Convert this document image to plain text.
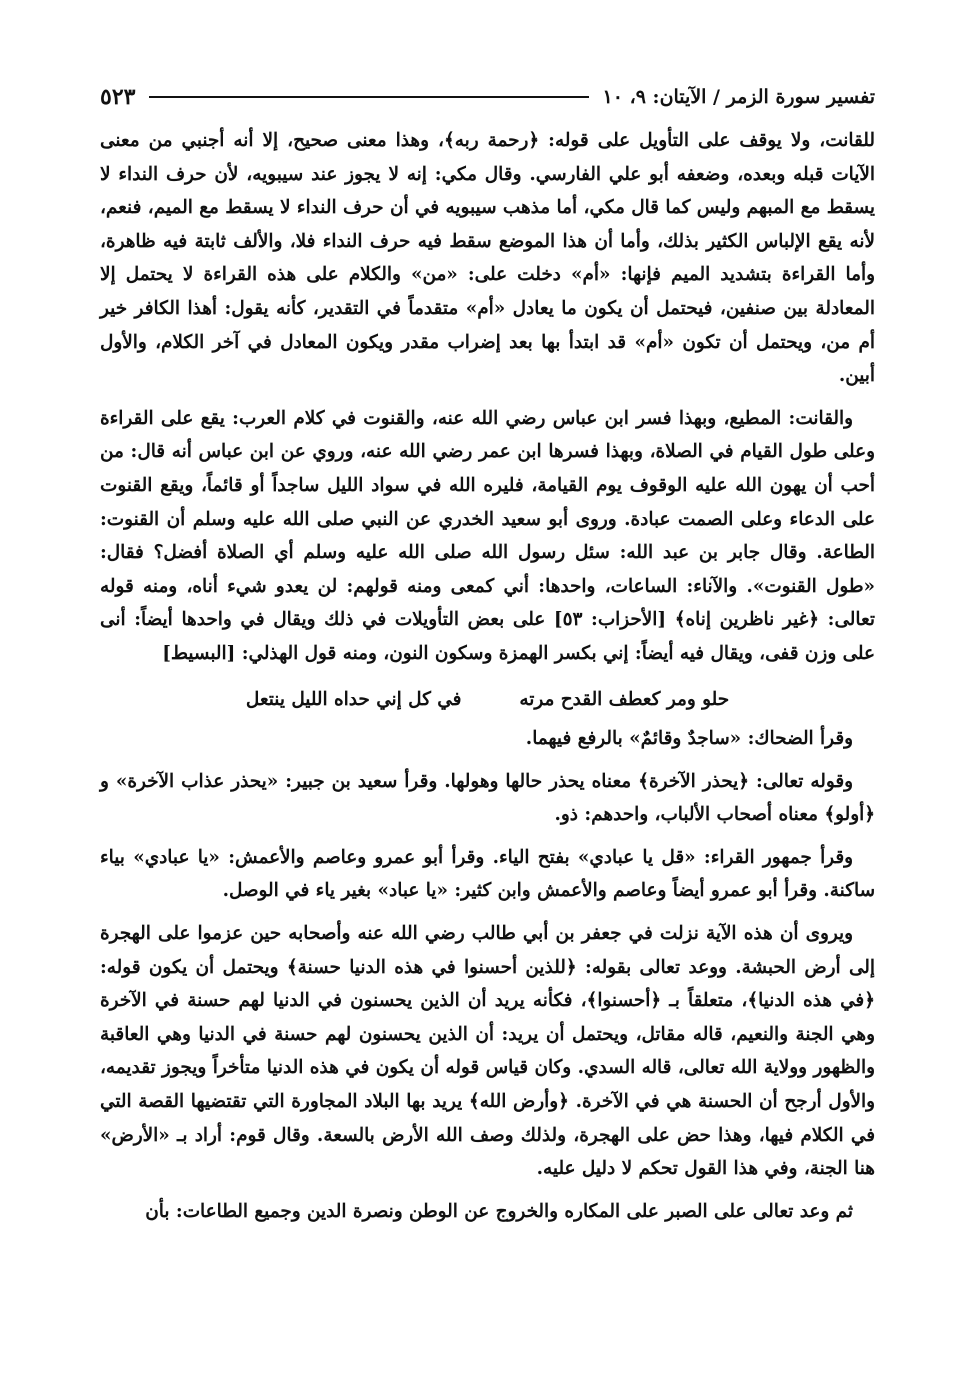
تفسير سورة الزمر / الآيتان: ٩، ١٠
٥٢٣

للقانت، ولا يوقف على التأويل على قوله: ﴿رحمة ربه﴾، وهذا معنى صحيح، إلا أنه أجنبي من معنى الآيات قبله وبعده، وضعفه أبو علي الفارسي. وقال مكي: إنه لا يجوز عند سيبويه، لأن حرف النداء لا يسقط مع المبهم وليس كما قال مكي، أما مذهب سيبويه في أن حرف النداء لا يسقط مع الميم، فنعم، لأنه يقع الإلباس الكثير بذلك، وأما أن هذا الموضع سقط فيه حرف النداء فلا، والألف ثابتة فيه ظاهرة، وأما القراءة بتشديد الميم فإنها: «أم» دخلت على: «من» والكلام على هذه القراءة لا يحتمل إلا المعادلة بين صنفين، فيحتمل أن يكون ما يعادل «أم» متقدماً في التقدير، كأنه يقول: أهذا الكافر خير أم من، ويحتمل أن تكون «أم» قد ابتدأ بها بعد إضراب مقدر ويكون المعادل في آخر الكلام، والأول أبين.

والقانت: المطيع، وبهذا فسر ابن عباس رضي الله عنه، والقنوت في كلام العرب: يقع على القراءة وعلى طول القيام في الصلاة، وبهذا فسرها ابن عمر رضي الله عنه، وروي عن ابن عباس أنه قال: من أحب أن يهون الله عليه الوقوف يوم القيامة، فليره الله في سواد الليل ساجداً أو قائماً، ويقع القنوت على الدعاء وعلى الصمت عبادة. وروى أبو سعيد الخدري عن النبي صلى الله عليه وسلم أن القنوت: الطاعة. وقال جابر بن عبد الله: سئل رسول الله صلى الله عليه وسلم أي الصلاة أفضل؟ فقال: «طول القنوت». والآناء: الساعات، واحدها: أني كمعى ومنه قولهم: لن يعدو شيء أناه، ومنه قوله تعالى: ﴿غير ناظرين إناه﴾ [الأحزاب: ٥٣] على بعض التأويلات في ذلك ويقال في واحدها أيضاً: أنى على وزن قفى، ويقال فيه أيضاً: إني بكسر الهمزة وسكون النون، ومنه قول الهذلي: [البسيط]

حلو ومر كعطف القدح مرته
في كل إني حداه الليل ينتعل

وقرأ الضحاك: «ساجدٌ وقائمٌ» بالرفع فيهما.

وقوله تعالى: ﴿يحذر الآخرة﴾ معناه يحذر حالها وهولها. وقرأ سعيد بن جبير: «يحذر عذاب الآخرة» و ﴿أولو﴾ معناه أصحاب الألباب، واحدهم: ذو.

وقرأ جمهور القراء: «قل يا عبادي» بفتح الياء. وقرأ أبو عمرو وعاصم والأعمش: «يا عبادي» بياء ساكنة. وقرأ أبو عمرو أيضاً وعاصم والأعمش وابن كثير: «يا عباد» بغير ياء في الوصل.

ويروى أن هذه الآية نزلت في جعفر بن أبي طالب رضي الله عنه وأصحابه حين عزموا على الهجرة إلى أرض الحبشة. ووعد تعالى بقوله: ﴿للذين أحسنوا في هذه الدنيا حسنة﴾ ويحتمل أن يكون قوله: ﴿في هذه الدنيا﴾، متعلقاً بـ ﴿أحسنوا﴾، فكأنه يريد أن الذين يحسنون في الدنيا لهم حسنة في الآخرة وهي الجنة والنعيم، قاله مقاتل، ويحتمل أن يريد: أن الذين يحسنون لهم حسنة في الدنيا وهي العاقبة والظهور وولاية الله تعالى، قاله السدي. وكان قياس قوله أن يكون في هذه الدنيا متأخراً ويجوز تقديمه، والأول أرجح أن الحسنة هي في الآخرة. ﴿وأرض الله﴾ يريد بها البلاد المجاورة التي تقتضيها القصة التي في الكلام فيها، وهذا حض على الهجرة، ولذلك وصف الله الأرض بالسعة. وقال قوم: أراد بـ «الأرض» هنا الجنة، وفي هذا القول تحكم لا دليل عليه.

ثم وعد تعالى على الصبر على المكاره والخروج عن الوطن ونصرة الدين وجميع الطاعات: بأن
